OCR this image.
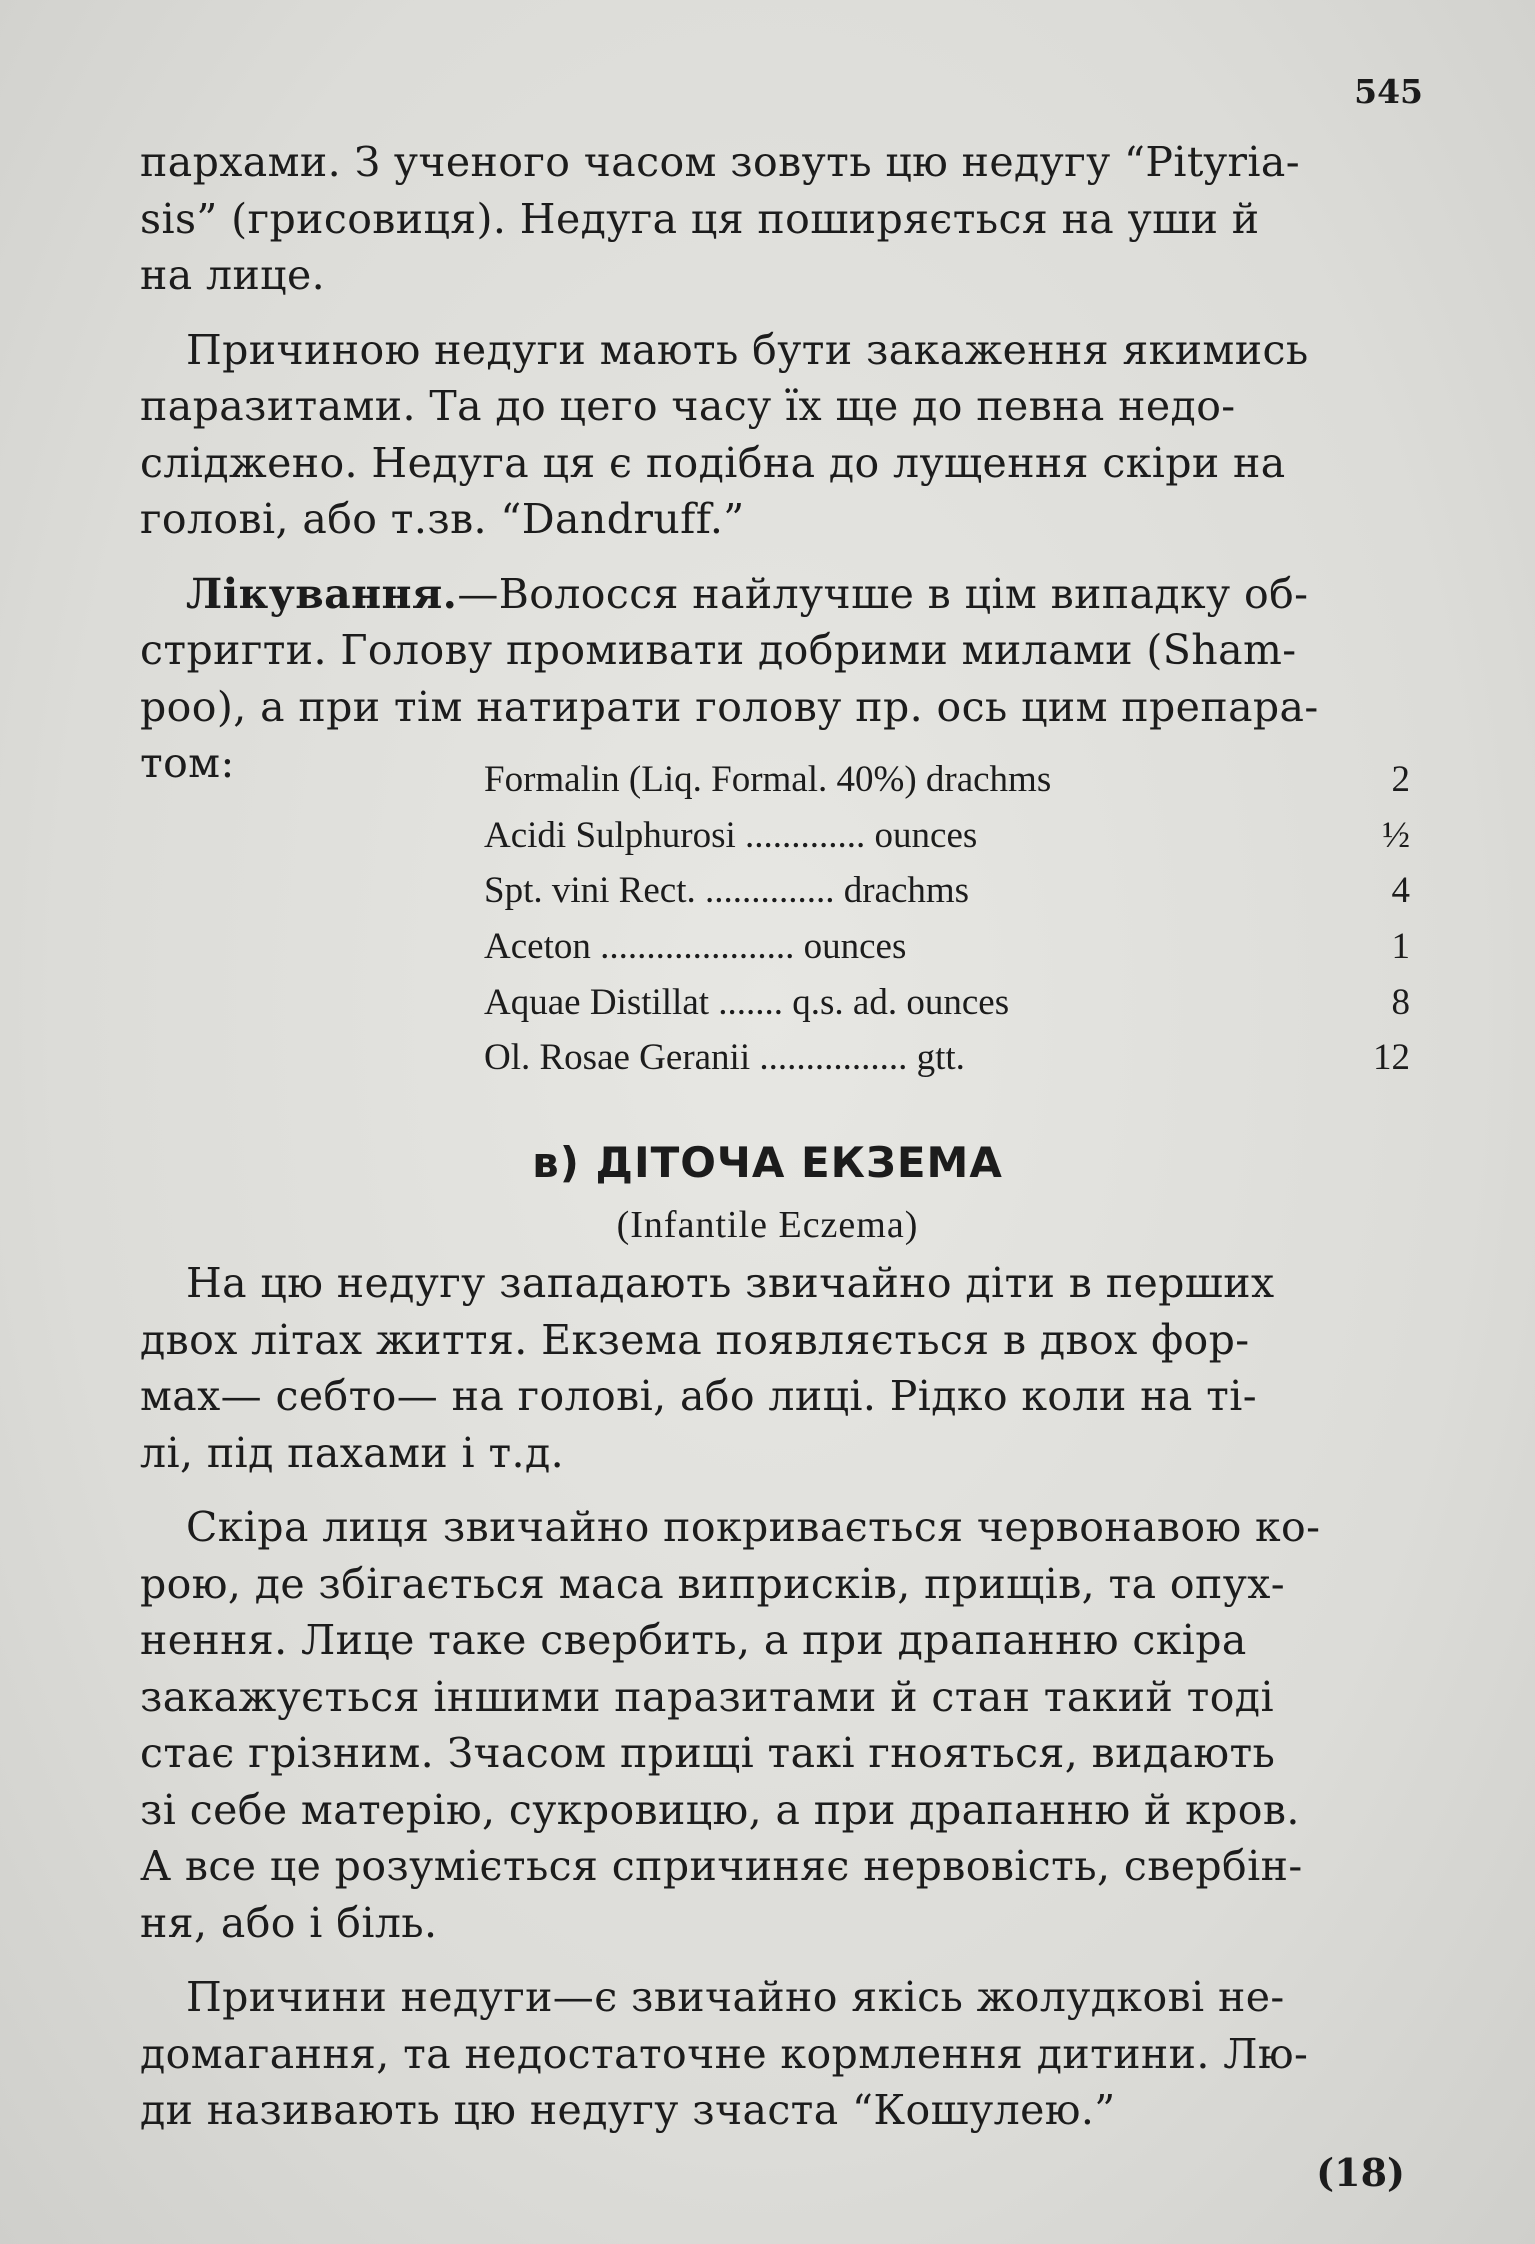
545

пархами. З ученого часом зовуть цю недугу “Pityria-
sis” (грисовиця). Недуга ця поширяється на уши й
на лице.

Причиною недуги мають бути закаження якимись
паразитами. Та до цего часу їх ще до певна недо-
сліджено. Недуга ця є подібна до лущення скіри на
голові, або т.зв. “Dandruff.”

Лікування.—Волосся найлучше в цім випадку об-
стригти. Голову промивати добрими милами (Sham-
poo), а при тім натирати голову пр. ось цим препара-
том:	Formalin (Liq. Formal. 40%) drachms	2
Acidi Sulphurosi ............. ounces	½
Spt. vini Rect. .............. drachms	4
Aceton ..................... ounces	1
Aquae Distillat ....... q.s. ad. ounces	8
Ol. Rosae Geranii ................ gtt.	12
в) ДІТОЧА ЕКЗЕМА
(Infantile Eczema)

На цю недугу западають звичайно діти в перших
двох літах життя. Екзема появляється в двох фор-
мах— себто— на голові, або лиці. Рідко коли на ті-
лі, під пахами і т.д.

Скіра лиця звичайно покривається червонавою ко-
рою, де збігається маса виприсків, прищів, та опух-
нення. Лице таке свербить, а при драпанню скіра
закажується іншими паразитами й стан такий тоді
стає грізним. Зчасом прищі такі гнояться, видають
зі себе матерію, сукровицю, а при драпанню й кров.
А все це розуміється спричиняє нервовість, свербін-
ня, або і біль.

Причини недуги—є звичайно якісь жолудкові не-
домагання, та недостаточне кормлення дитини. Лю-
ди називають цю недугу зчаста “Кошулею.”

(18)
